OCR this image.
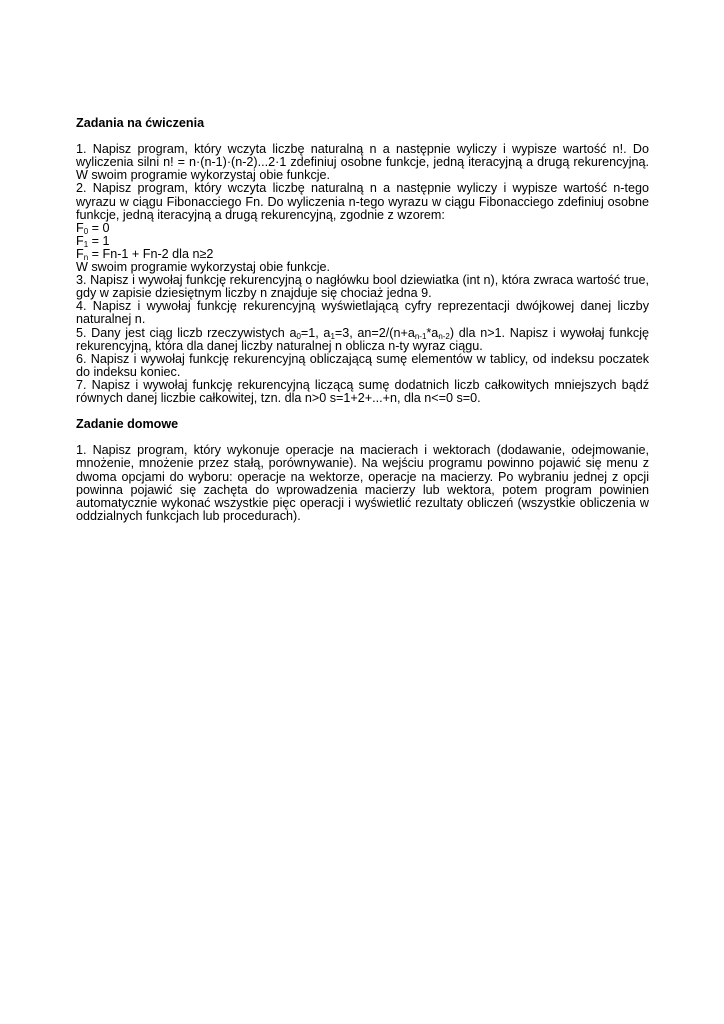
Zadania na ćwiczenia

1. Napisz program, który wczyta liczbę naturalną n a następnie wyliczy i wypisze wartość n!. Do wyliczenia silni n! = n·(n-1)·(n-2)...2·1 zdefiniuj osobne funkcje, jedną iteracyjną a drugą rekurencyjną. W swoim programie wykorzystaj obie funkcje.

2. Napisz program, który wczyta liczbę naturalną n a następnie wyliczy i wypisze wartość n-tego wyrazu w ciągu Fibonacciego Fn. Do wyliczenia n-tego wyrazu w ciągu Fibonacciego zdefiniuj osobne funkcje, jedną iteracyjną a drugą rekurencyjną, zgodnie z wzorem:

$F_0 = 0$

$F_1 = 1$

$F_n = Fn-1 + Fn-2$ dla n≥2

W swoim programie wykorzystaj obie funkcje.

3. Napisz i wywołaj funkcję rekurencyjną o nagłówku bool dziewiatka (int n), która zwraca wartość true, gdy w zapisie dziesiętnym liczby n znajduje się chociaż jedna 9.

4. Napisz i wywołaj funkcję rekurencyjną wyświetlającą cyfry reprezentacji dwójkowej danej liczby naturalnej n.

5. Dany jest ciąg liczb rzeczywistych $a_0=1$, $a_1=3$, $an=2/(n+a_{n-1}*a_{n-2})$ dla n>1. Napisz i wywołaj funkcję rekurencyjną, która dla danej liczby naturalnej n oblicza n-ty wyraz ciągu.

6. Napisz i wywołaj funkcję rekurencyjną obliczającą sumę elementów w tablicy, od indeksu poczatek do indeksu koniec.

7. Napisz i wywołaj funkcję rekurencyjną liczącą sumę dodatnich liczb całkowitych mniejszych bądź równych danej liczbie całkowitej, tzn. dla n>0 s=1+2+...+n, dla n<=0 s=0.

Zadanie domowe

1. Napisz program, który wykonuje operacje na macierach i wektorach (dodawanie, odejmowanie, mnożenie, mnożenie przez stałą, porównywanie). Na wejściu programu powinno pojawić się menu z dwoma opcjami do wyboru: operacje na wektorze, operacje na macierzy. Po wybraniu jednej z opcji powinna pojawić się zachęta do wprowadzenia macierzy lub wektora, potem program powinien automatycznie wykonać wszystkie pięc operacji i wyświetlić rezultaty obliczeń (wszystkie obliczenia w oddzialnych funkcjach lub procedurach).
